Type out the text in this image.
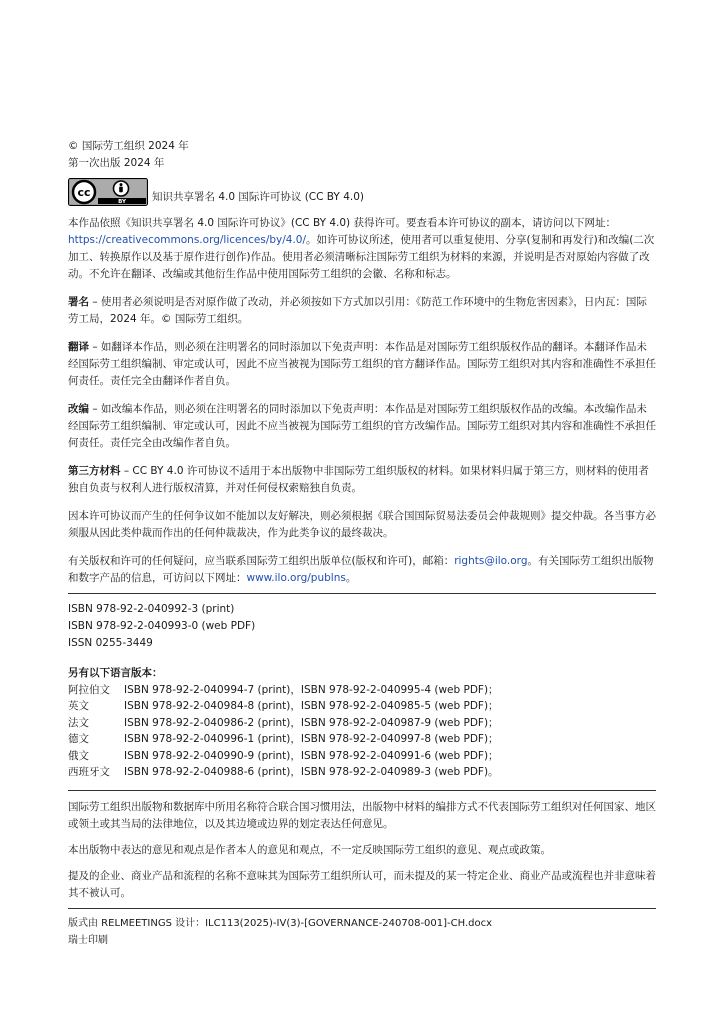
© 国际劳工组织 2024 年

第一次出版 2024 年

cc
BY 知识共享署名 4.0 国际许可协议 (CC BY 4.0)

本作品依照《知识共享署名 4.0 国际许可协议》(CC BY 4.0) 获得许可。要查看本许可协议的副本，请访问以下网址：https://creativecommons.org/licences/by/4.0/。如许可协议所述，使用者可以重复使用、分享(复制和再发行)和改编(二次加工、转换原作以及基于原作进行创作)作品。使用者必须清晰标注国际劳工组织为材料的来源，并说明是否对原始内容做了改动。不允许在翻译、改编或其他衍生作品中使用国际劳工组织的会徽、名称和标志。

署名 – 使用者必须说明是否对原作做了改动，并必须按如下方式加以引用：《防范工作环境中的生物危害因素》，日内瓦：国际劳工局，2024 年。© 国际劳工组织。

翻译 – 如翻译本作品，则必须在注明署名的同时添加以下免责声明：本作品是对国际劳工组织版权作品的翻译。本翻译作品未经国际劳工组织编制、审定或认可，因此不应当被视为国际劳工组织的官方翻译作品。国际劳工组织对其内容和准确性不承担任何责任。责任完全由翻译作者自负。

改编 – 如改编本作品，则必须在注明署名的同时添加以下免责声明：本作品是对国际劳工组织版权作品的改编。本改编作品未经国际劳工组织编制、审定或认可，因此不应当被视为国际劳工组织的官方改编作品。国际劳工组织对其内容和准确性不承担任何责任。责任完全由改编作者自负。

第三方材料 – CC BY 4.0 许可协议不适用于本出版物中非国际劳工组织版权的材料。如果材料归属于第三方，则材料的使用者独自负责与权利人进行版权清算，并对任何侵权索赔独自负责。

因本许可协议而产生的任何争议如不能加以友好解决，则必须根据《联合国国际贸易法委员会仲裁规则》提交仲裁。各当事方必须服从因此类仲裁而作出的任何仲裁裁决，作为此类争议的最终裁决。

有关版权和许可的任何疑问，应当联系国际劳工组织出版单位(版权和许可)，邮箱：rights@ilo.org。有关国际劳工组织出版物和数字产品的信息，可访问以下网址：www.ilo.org/publns。

ISBN 978-92-2-040992-3 (print)
ISBN 978-92-2-040993-0 (web PDF)
ISSN 0255-3449

另有以下语言版本：

阿拉伯文	ISBN 978-92-2-040994-7 (print)，ISBN 978-92-2-040995-4 (web PDF)；
英文	ISBN 978-92-2-040984-8 (print)，ISBN 978-92-2-040985-5 (web PDF)；
法文	ISBN 978-92-2-040986-2 (print)，ISBN 978-92-2-040987-9 (web PDF)；
德文	ISBN 978-92-2-040996-1 (print)，ISBN 978-92-2-040997-8 (web PDF)；
俄文	ISBN 978-92-2-040990-9 (print)，ISBN 978-92-2-040991-6 (web PDF)；
西班牙文	ISBN 978-92-2-040988-6 (print)，ISBN 978-92-2-040989-3 (web PDF)。

国际劳工组织出版物和数据库中所用名称符合联合国习惯用法，出版物中材料的编排方式不代表国际劳工组织对任何国家、地区或领土或其当局的法律地位，以及其边境或边界的划定表达任何意见。

本出版物中表达的意见和观点是作者本人的意见和观点，不一定反映国际劳工组织的意见、观点或政策。

提及的企业、商业产品和流程的名称不意味其为国际劳工组织所认可，而未提及的某一特定企业、商业产品或流程也并非意味着其不被认可。

版式由 RELMEETINGS 设计：ILC113(2025)-IV(3)-[GOVERNANCE-240708-001]-CH.docx
瑞士印刷
